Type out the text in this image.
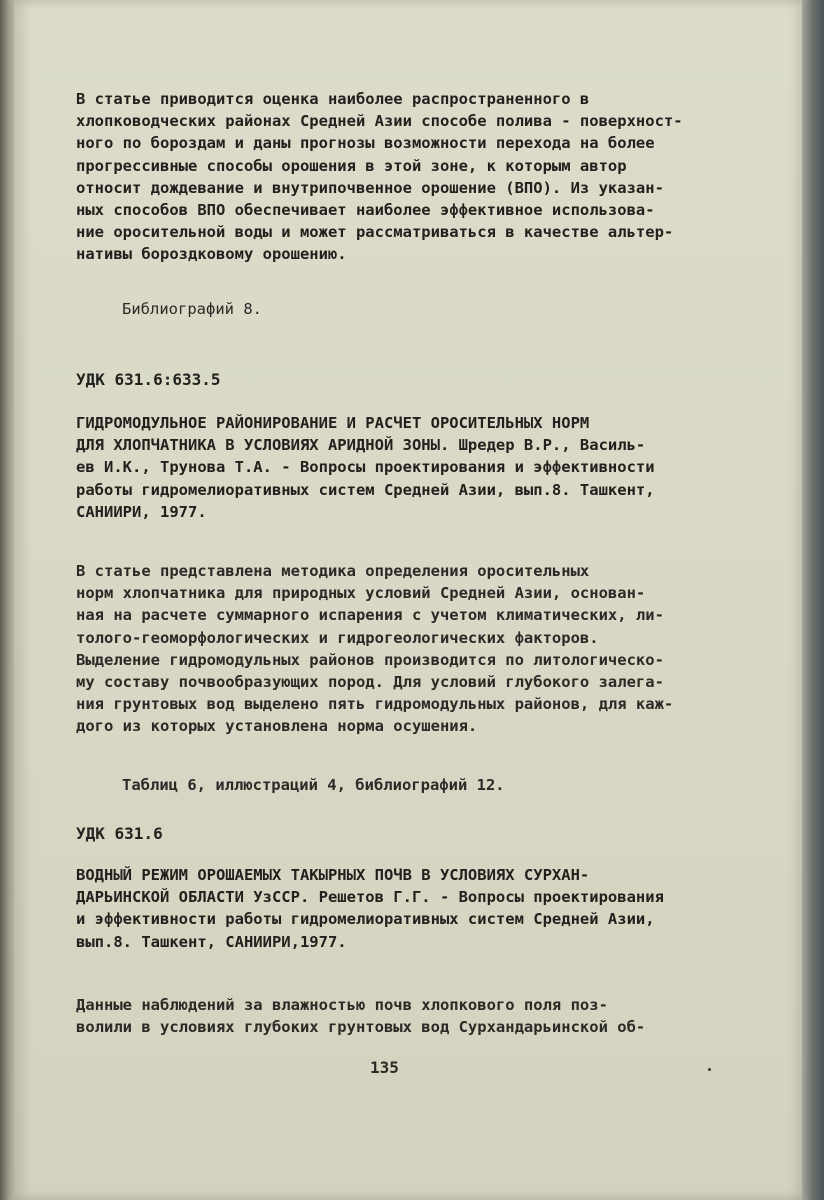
В статье приводится оценка наиболее распространенного в
хлопководческих районах Средней Азии способе полива - поверхност-
ного по бороздам и даны прогнозы возможности перехода на более
прогрессивные способы орошения в этой зоне, к которым автор
относит дождевание и внутрипочвенное орошение (ВПО). Из указан-
ных способов ВПО обеспечивает наиболее эффективное использова-
ние оросительной воды и может рассматриваться в качестве альтер-
нативы бороздковому орошению.
Библиографий 8.
УДК 631.6:633.5
ГИДРОМОДУЛЬНОЕ РАЙОНИРОВАНИЕ И РАСЧЕТ ОРОСИТЕЛЬНЫХ НОРМ
ДЛЯ ХЛОПЧАТНИКА В УСЛОВИЯХ АРИДНОЙ ЗОНЫ. Шредер В.Р., Василь-
ев И.К., Трунова Т.А. - Вопросы проектирования и эффективности
работы гидромелиоративных систем Средней Азии, вып.8. Ташкент,
САНИИРИ, 1977.
В статье представлена методика определения оросительных
норм хлопчатника для природных условий Средней Азии, основан-
ная на расчете суммарного испарения с учетом климатических, ли-
толого-геоморфологических и гидрогеологических факторов.
Выделение гидромодульных районов производится по литологическо-
му составу почвообразующих пород. Для условий глубокого залега-
ния грунтовых вод выделено пять гидромодульных районов, для каж-
дого из которых установлена норма осушения.
Таблиц 6, иллюстраций 4, библиографий 12.
УДК 631.6
ВОДНЫЙ РЕЖИМ ОРОШАЕМЫХ ТАКЫРНЫХ ПОЧВ В УСЛОВИЯХ СУРХАН-
ДАРЬИНСКОЙ ОБЛАСТИ УзССР. Решетов Г.Г. - Вопросы проектирования
и эффективности работы гидромелиоративных систем Средней Азии,
вып.8. Ташкент, САНИИРИ,1977.
Данные наблюдений за влажностью почв хлопкового поля поз-
волили в условиях глубоких грунтовых вод Сурхандарьинской об-
135
